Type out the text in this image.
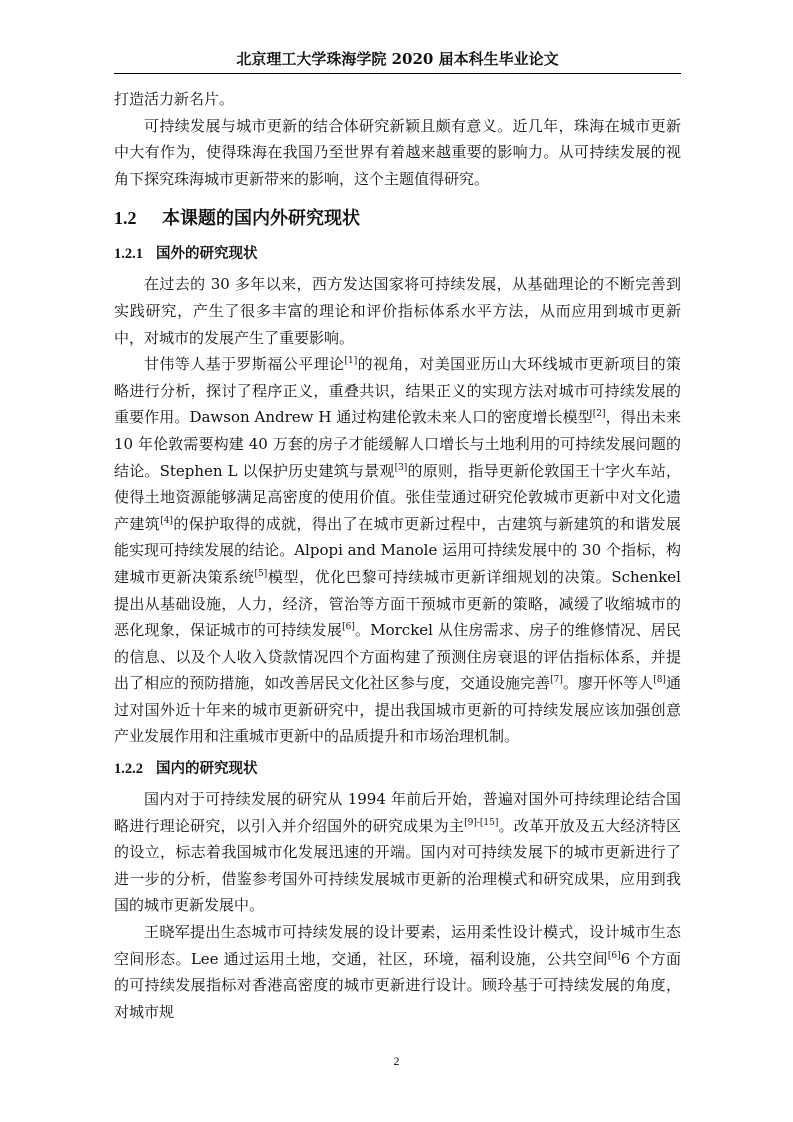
北京理工大学珠海学院 2020 届本科生毕业论文

打造活力新名片。

可持续发展与城市更新的结合体研究新颖且颇有意义。近几年，珠海在城市更新中大有作为，使得珠海在我国乃至世界有着越来越重要的影响力。从可持续发展的视角下探究珠海城市更新带来的影响，这个主题值得研究。

1.2 本课题的国内外研究现状
1.2.1 国外的研究现状

在过去的 30 多年以来，西方发达国家将可持续发展，从基础理论的不断完善到实践研究，产生了很多丰富的理论和评价指标体系水平方法，从而应用到城市更新中，对城市的发展产生了重要影响。

甘伟等人基于罗斯福公平理论[1]的视角，对美国亚历山大环线城市更新项目的策略进行分析，探讨了程序正义，重叠共识，结果正义的实现方法对城市可持续发展的重要作用。Dawson Andrew H 通过构建伦敦未来人口的密度增长模型[2]，得出未来 10 年伦敦需要构建 40 万套的房子才能缓解人口增长与土地利用的可持续发展问题的结论。Stephen L 以保护历史建筑与景观[3]的原则，指导更新伦敦国王十字火车站，使得土地资源能够满足高密度的使用价值。张佳莹通过研究伦敦城市更新中对文化遗产建筑[4]的保护取得的成就，得出了在城市更新过程中，古建筑与新建筑的和谐发展能实现可持续发展的结论。Alpopi and Manole 运用可持续发展中的 30 个指标，构建城市更新决策系统[5]模型，优化巴黎可持续城市更新详细规划的决策。Schenkel 提出从基础设施，人力，经济，管治等方面干预城市更新的策略，减缓了收缩城市的恶化现象，保证城市的可持续发展[6]。Morckel 从住房需求、房子的维修情况、居民的信息、以及个人收入贷款情况四个方面构建了预测住房衰退的评估指标体系，并提出了相应的预防措施，如改善居民文化社区参与度，交通设施完善[7]。廖开怀等人[8]通过对国外近十年来的城市更新研究中，提出我国城市更新的可持续发展应该加强创意产业发展作用和注重城市更新中的品质提升和市场治理机制。

1.2.2 国内的研究现状

国内对于可持续发展的研究从 1994 年前后开始，普遍对国外可持续理论结合国略进行理论研究，以引入并介绍国外的研究成果为主[9]-[15]。改革开放及五大经济特区的设立，标志着我国城市化发展迅速的开端。国内对可持续发展下的城市更新进行了进一步的分析，借鉴参考国外可持续发展城市更新的治理模式和研究成果，应用到我国的城市更新发展中。

王晓军提出生态城市可持续发展的设计要素，运用柔性设计模式，设计城市生态空间形态。Lee 通过运用土地，交通，社区，环境，福利设施，公共空间[6]6 个方面的可持续发展指标对香港高密度的城市更新进行设计。顾玲基于可持续发展的角度，对城市规

2
